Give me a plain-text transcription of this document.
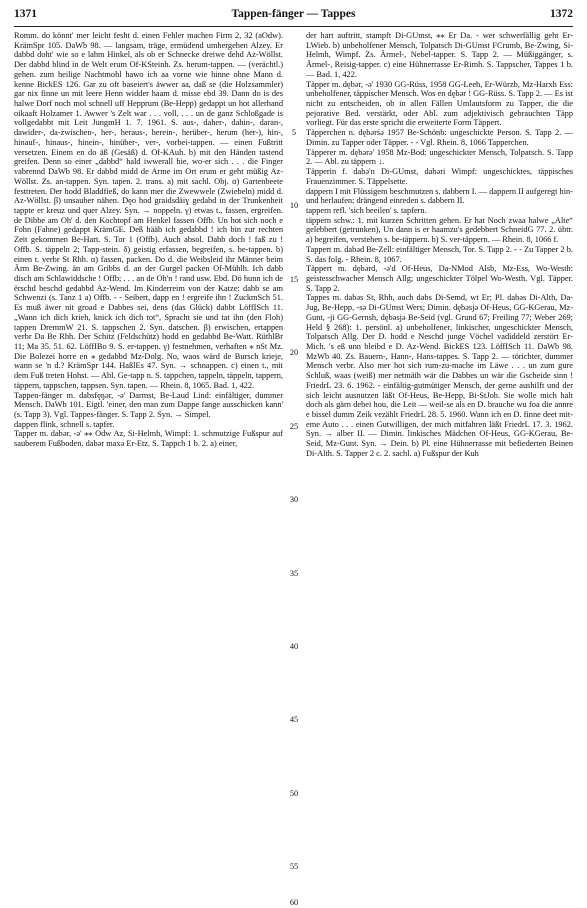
1371	Tappen-fänger — Tappes	1372

Romm. do könnt' mer leicht fesht d. einen Fehler machen Firm 2, 32 (aOdw). KrämSpr 105. DaWb 98. — langsam, träge, ermüdend umhergehen Alzey. Er dabbd doht' wie so e lahm Hinkel, als ob er Schnecke dreiwe dehd Az-Wöllst. Der dabbd blind in de Welt erum Of-KSteinh. Zs. herum-tappen. — (verächtl.) gehen. zum heilige Nachtmohl hawo ich aa vorne wie hinne ohne Mann d. kenne BickES 126. Gar zu oft baseiert's äwwer aa, daß se (die Holzsammler) gar nix finne un mit leere Henn widder haam d. misse ebd 39. Dann do is des halwe Dorf noch mol schnell uff Hepprum (Be-Hepp) gedappt un hot allerhand oikaaft Holzamer 1. Awwer 's Zelt war . . . voll, . . . un de ganz Schloßgade is vollgedabbt mit Leit JungmH 1. 7. 1961. S. aus-, daher-, dahin-, daran-, dawider-, da-zwischen-, her-, heraus-, herein-, herüber-, herum (her-), hin-, hinauf-, hinaus-, hinein-, hinüber-, ver-, vorbei-tappen. — einen Fußtritt versetzen. Einem en do äß (Gesäß) d. Of-KAuh. b) mit den Händen tastend greifen. Denn so einer „dabbd“ hald iwwerall hie, wo-er sich . . . die Finger vabrennd DaWb 98. Er dabbd midd de Arme im Ort erum er geht müßig Az-Wöllst. Zs. an-tappen. Syn. tapen. 2. trans. a) mit sachl. Obj. α) Gartenbeete festtreten. Der hodd Bladdfieß, do kann mer die Zwewwele (Zwiebeln) midd d. Az-Wöllst. β) unsauber nähen. Dęo hod graidsdäiɣ gedabd in der Trunkenheit tappte er kreuz und quer Alzey. Syn. → noppeln. γ) etwas t., fassen, ergreifen. de Dibbe am Oh' d. den Kochtopf am Henkel fassen Offb. Un hot sich noch e Fohn (Fahne) gedappt KrämGE. Deß hääb ich gedabbd ! ich bin zur rechten Zeit gekommen Be-Hart. S. Tor 1 (Offb). Auch absol. Dabb doch ! faß zu ! Offb. S. täppeln 2; Tapp-stein. δ) geistig erfassen, begreifen, s. be-tappen. b) einen t. verbr St Rhh. α) fassen, packen. Do d. die Weibsleid ihr Männer beim Ärm Be-Zwing. än am Gribbs d. an der Gurgel packen Of-Mühlh. Ich dabb disch am Schlawiddsche ! Offb; . . . an de Oh'n ! rand usw. Ebd. Dö hunn ich de ërschd beschd gedabbd Az-Wend. Im Kinderreim von der Katze: dabb se am Schwenzi (s. Tanz 1 a) Offb. - - Seibert, dapp en ! ergreife ihn ! ZuckmSch 51. Es muß äwer nit groad e Dabbes sei, dens (das Glück) dabbt LöffISch 11. „Wann ich dich krieh, knick ich dich tot“, Spracht sie und tat ihn (den Floh) tappen DremmW 21. S. tappschen 2. Syn. datschen. β) erwischen, ertappen verbr Da Be Rhh. Der Schitz (Feldschütz) hodd en gedabbd Be-Watt. RüthlBr 11; Ma 35. 51. 62. LöffIBo 9. S. er-tappen. γ) festnehmen, verhaften ⁎ nSt Mz. Die Bolezei horre en ⁎ gedabbd Mz-Dolg. No, waos wärd de Bursch krieje, wann se 'n d.? KrämSpr 144. HaßlEs 47. Syn. → schnappen. c) einen t., mit dem Fuß treten Hohst. — Abl. Ge-tapp n. S. tappchen, tappeln, täppeln, tappern, täppern, tappschen, tappsen. Syn. tapen. — Rhein. 8, 1065. Bad. 1, 422.

Tappen-fänger m. dabsfęŋər, -ə' Darmst, Be-Laud Lind: einfältiger, dummer Mensch. DaWb 101. Eigtl. 'einer, den man zum Dappe fange ausschicken kann' (s. Tapp 3). Vgl. Tappes-fänger. S. Tapp 2. Syn. → Simpel.

dappen flink, schnell s. tapfer.

Tapper m. dabər, -ə' ⁎⁎ Odw Az, Si-Helmh, Wimpf: 1. schmutzige Fußspur auf sauberem Fußboden. dabər maxə Er-Etz. S. Tappch 1 b. 2. a) einer,

5
10
15
20
25
30
35
40
45
50
55
60

der hart auftritt, stampft Di-GUmst, ⁎⁎ Er Da. - wer schwerfällig geht Er-LWieb. b) unbeholfener Mensch, Tolpatsch Di-GUmst FCrumb, Be-Zwing, Si-Helmh, Wimpf. Zs. Ärmel-, Nebel-tapper. S. Tapp 2. — Müßiggänger, s. Ärmel-, Reisig-tapper. c) eine Hühnerrasse Er-Rimh. S. Tappscher, Tappes 1 b. — Bad. 1, 422.

Täpper m. dębər, -ə' 1930 GG-Rüss, 1958 GG-Leeh, Er-Würzb, Mz-Harxh Ess: unbeholfener, täppischer Mensch. Wos en dębər ! GG-Rüss. S. Tapp 2. — Es ist nicht zu entscheiden, ob in allen Fällen Umlautsform zu Tapper, die die pejorative Bed. verstärkt, oder Abl. zum adjektivisch gebrauchten Täpp vorliegt. Für das erste spricht die erweiterte Form Täppert.

Täpperchen n. dębərśə 1957 Be-Schönb: ungeschickte Person. S. Tapp 2. — Dimin. zu Tapper oder Täpper. - - Vgl. Rhein. 8, 1066 Tapperchen.

Täpperer m. dębərə' 1958 Mz-Bod: ungeschickter Mensch, Tolpatsch. S. Tapp 2. — Abl. zu täppern ↓.

Täpperin f. dabə'n Di-GUmst, dabəri Wimpf: ungeschicktes, täppisches Frauenzimmer. S. Täppelsette.

dappern I mit Flüssigem beschmutzen s. dabbern I. — dappern II aufgeregt hin- und herlaufen; drängend einreden s. dabbern II.

tappern refl. 'sich beeilen' s. tapfern.

täppern schw.: 1. mit kurzen Schritten gehen. Er hat Noch zwaa halwe „Alte“ gelebbert (getrunken), Un dann is er haamzu's gedebbert SchneidG 77. 2. übtr. a) begreifen, verstehen s. be-täppern. b) S. ver-täppern. — Rhein. 8, 1066 f.

Tappert m. dabəd Be-Zell: einfältiger Mensch, Tor. S. Tapp 2. - - Zu Tapper 2 b. S. das folg. - Rhein. 8, 1067.

Täppert m. dębərd, -ə'd Of-Heus, Da-NMod Alsb, Mz-Ess, Wo-Westh: geistesschwacher Mensch Allg; ungeschickter Tölpel Wo-Westh. Vgl. Täpper. S. Tapp 2.

Tappes m. dabəs St, Rhh, auch dabs Di-Semd, wt Er; Pl. dabəs Di-Alth, Da-Jug, Be-Hepp, -sə Di-GUmst Wers; Dimin. dębəsjə Of-Heus, GG-KGerau, Mz-Gunt, -ji GG-Gernsh, dębəsjə Be-Seid (vgl. Grund 67; Freiling 77; Weber 269; Held § 268): 1. persönl. a) unbeholfener, linkischer, ungeschickter Mensch, Tolpatsch Allg. Der D. hodd e Neschd junge Vöchel vadiddeld zerstört Er-Mich. 's eß unn bleibd e D. Az-Wend. BickES 123. LöffISch 11. DaWb 98. MzWb 40. Zs. Bauern-, Hann-, Hans-tappes. S. Tapp 2. — törichter, dummer Mensch verbr. Also mer hot sich rum-zu-mache im Läwe . . . un zum gure Schluß, waas (weiß) mer netmäih wär die Dabbes un wär die Gscheide sinn ! FriedrL 23. 6. 1962. - einfältig-gutmütiger Mensch, der gerne aushilft und der sich leicht ausnutzen läßt Of-Heus, Be-Hepp, Bi-StJoh. Sie wolle mich halt doch als gärn debei hou, die Leit — weil-se als en D. brauche wu foa die annre e bissel dumm Zeik vezählt FriedrL 28. 5. 1960. Wann ich en D. finne deet mit-eme Auto . . . einen Gutwilligen, der mich mitfahren läßt FriedrL 17. 3. 1962. Syn. → alber II. — Dimin. linkisches Mädchen Of-Heus, GG-KGerau, Be-Seid, Mz-Gunt. Syn. → Dein. b) Pl. eine Hühnerrasse mit befiederten Beinen Di-Alth. S. Tapper 2 c. 2. sachl. a) Fußspur der Kuh
